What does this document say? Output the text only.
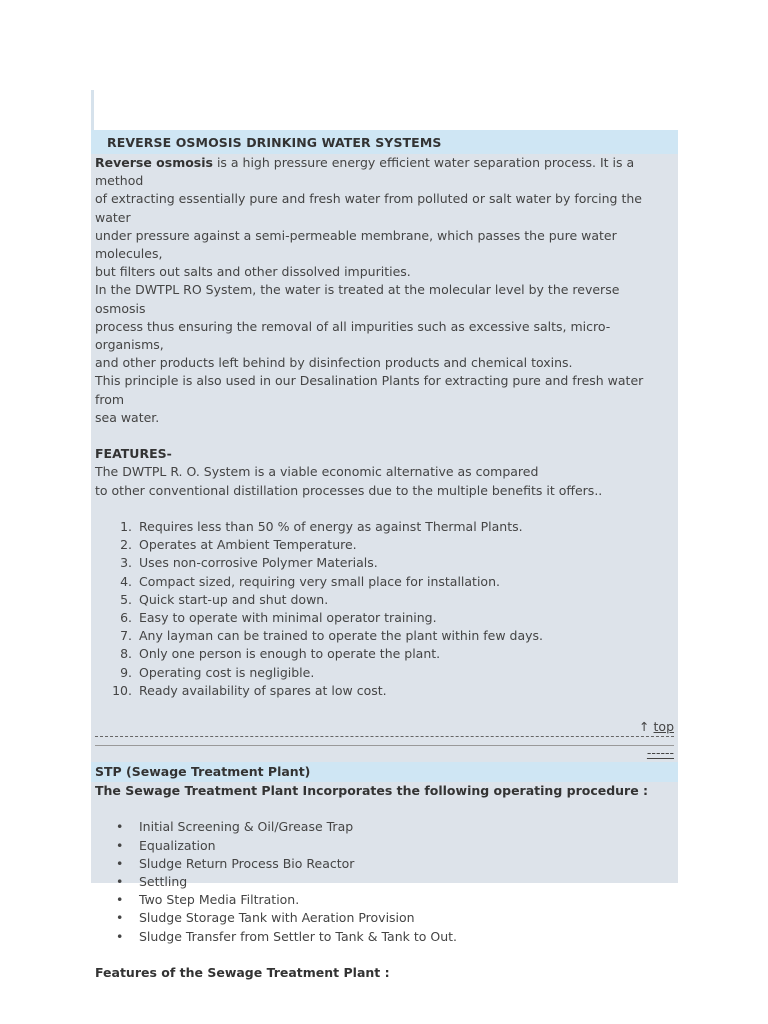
REVERSE OSMOSIS DRINKING WATER SYSTEMS
Reverse osmosis is a high pressure energy efficient water separation process. It is a method
of extracting essentially pure and fresh water from polluted or salt water by forcing the water
under pressure against a semi-permeable membrane, which passes the pure water molecules,
but filters out salts and other dissolved impurities.
In the DWTPL RO System, the water is treated at the molecular level by the reverse osmosis
process thus ensuring the removal of all impurities such as excessive salts, micro-organisms,
and other products left behind by disinfection products and chemical toxins.
This principle is also used in our Desalination Plants for extracting pure and fresh water from
sea water.
FEATURES-
The DWTPL R. O. System is a viable economic alternative as compared
to other conventional distillation processes due to the multiple benefits it offers..
1. Requires less than 50 % of energy as against Thermal Plants.
2. Operates at Ambient Temperature.
3. Uses non-corrosive Polymer Materials.
4. Compact sized, requiring very small place for installation.
5. Quick start-up and shut down.
6. Easy to operate with minimal operator training.
7. Any layman can be trained to operate the plant within few days.
8. Only one person is enough to operate the plant.
9. Operating cost is negligible.
10. Ready availability of spares at low cost.
↑ top
------
STP (Sewage Treatment Plant)
The Sewage Treatment Plant Incorporates the following operating procedure :
• Initial Screening & Oil/Grease Trap
• Equalization
• Sludge Return Process Bio Reactor
• Settling
• Two Step Media Filtration.
• Sludge Storage Tank with Aeration Provision
• Sludge Transfer from Settler to Tank & Tank to Out.
Features of the Sewage Treatment Plant :
